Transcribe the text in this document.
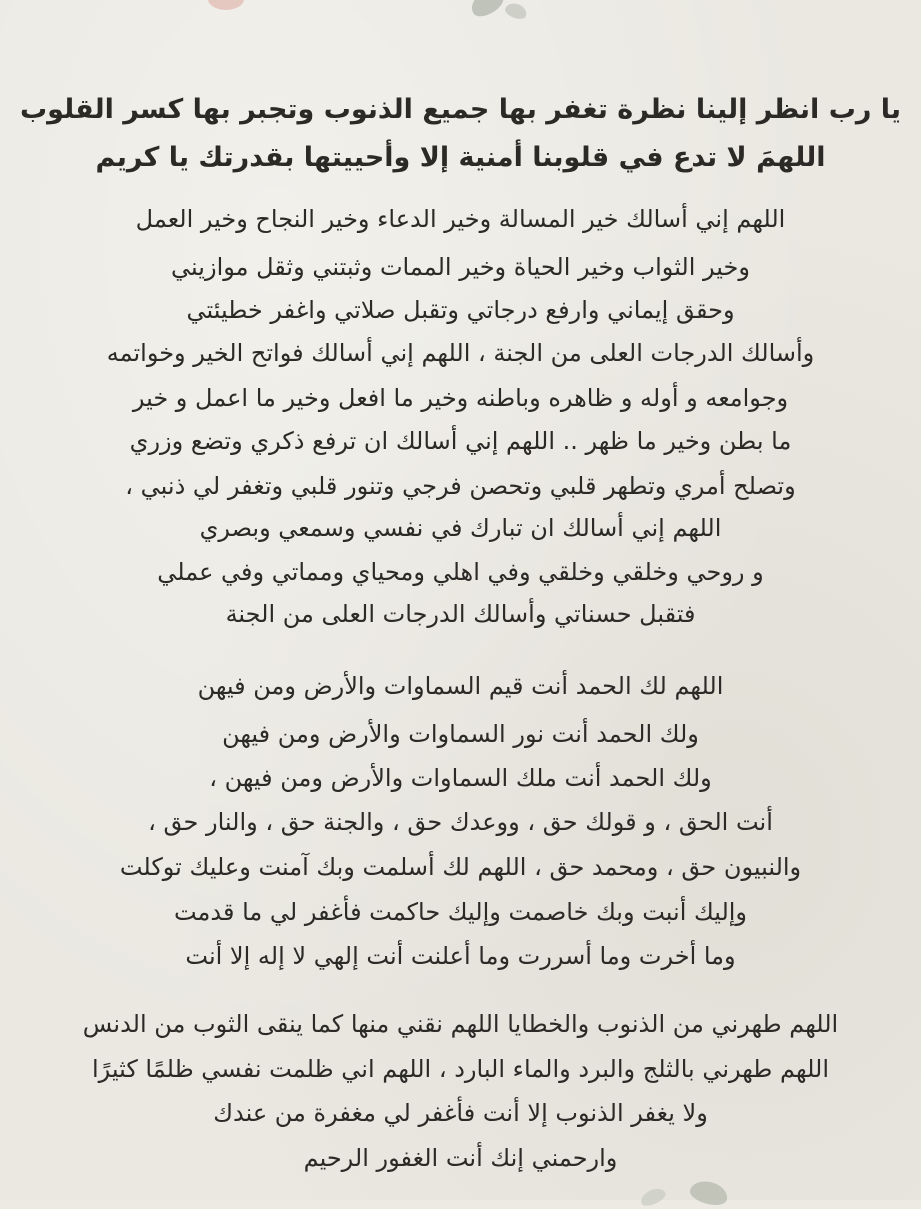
يا رب انظر إلينا نظرة تغفر بها جميع الذنوب وتجبر بها كسر القلوب
اللهمَ لا تدع في قلوبنا أمنية إلا وأحييتها بقدرتك يا كريم
اللهم إني أسالك خير المسالة وخير الدعاء وخير النجاح وخير العمل
وخير الثواب وخير الحياة وخير الممات وثبتني وثقل موازيني
وحقق إيماني وارفع درجاتي وتقبل صلاتي واغفر خطيئتي
وأسالك الدرجات العلى من الجنة ، اللهم إني أسالك فواتح الخير وخواتمه
وجوامعه و أوله و ظاهره وباطنه وخير ما افعل وخير ما اعمل و خير
ما بطن وخير ما ظهر .. اللهم إني أسالك ان ترفع ذكري وتضع وزري
وتصلح أمري وتطهر قلبي وتحصن فرجي وتنور قلبي وتغفر لي ذنبي ،
اللهم إني أسالك ان تبارك في نفسي وسمعي وبصري
و روحي وخلقي وخلقي وفي اهلي ومحياي ومماتي وفي عملي
فتقبل حسناتي وأسالك الدرجات العلى من الجنة
اللهم لك الحمد أنت قيم السماوات والأرض ومن فيهن
ولك الحمد أنت نور السماوات والأرض ومن فيهن
ولك الحمد أنت ملك السماوات والأرض ومن فيهن ،
أنت الحق ، و قولك حق ، ووعدك حق ، والجنة حق ، والنار حق ،
والنبيون حق ، ومحمد حق ، اللهم لك أسلمت وبك آمنت وعليك توكلت
وإليك أنبت وبك خاصمت وإليك حاكمت فأغفر لي ما قدمت
وما أخرت وما أسررت وما أعلنت أنت إلهي لا إله إلا أنت
اللهم طهرني من الذنوب والخطايا اللهم نقني منها كما ينقى الثوب من الدنس
اللهم طهرني بالثلج والبرد والماء البارد ، اللهم اني ظلمت نفسي ظلمًا كثيرًا
ولا يغفر الذنوب إلا أنت فأغفر لي مغفرة من عندك
وارحمني إنك أنت الغفور الرحيم
